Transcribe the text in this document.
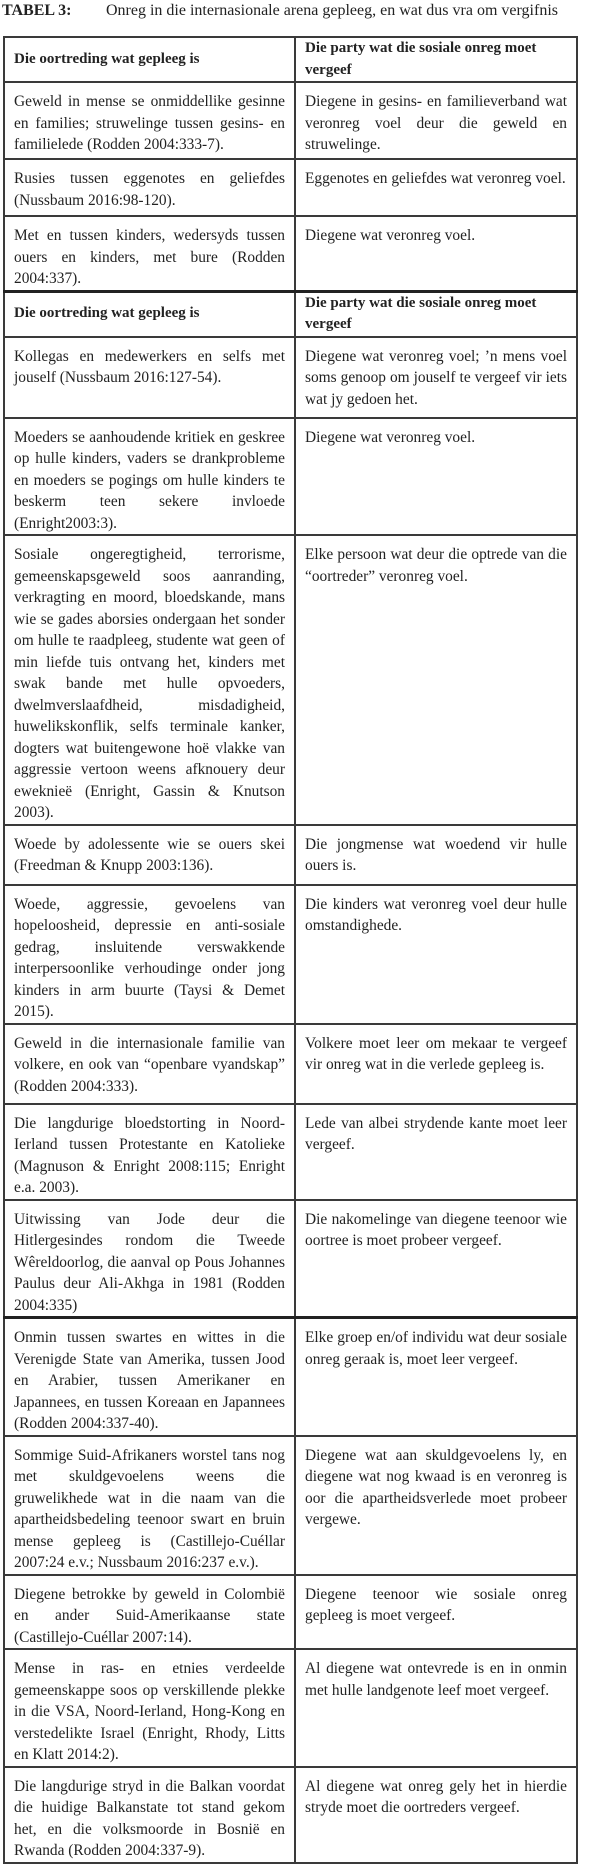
TABEL 3: Onreg in die internasionale arena gepleeg, en wat dus vra om vergifnis
Die oortreding wat gepleeg is	Die party wat die sosiale onreg moet vergeef
Geweld in mense se onmiddellike gesinne en families; struwelinge tussen gesins- en familielede (Rodden 2004:333-7).	Diegene in gesins- en familieverband wat veronreg voel deur die geweld en struwelinge.
Rusies tussen eggenotes en geliefdes (Nussbaum 2016:98-120).	Eggenotes en geliefdes wat veronreg voel.
Met en tussen kinders, wedersyds tussen ouers en kinders, met bure (Rodden 2004:337).	Diegene wat veronreg voel.
Die oortreding wat gepleeg is	Die party wat die sosiale onreg moet vergeef
Kollegas en medewerkers en selfs met jouself (Nussbaum 2016:127-54).	Diegene wat veronreg voel; ’n mens voel soms genoop om jouself te vergeef vir iets wat jy gedoen het.
Moeders se aanhoudende kritiek en geskree op hulle kinders, vaders se drankprobleme en moeders se pogings om hulle kinders te beskerm teen sekere invloede (Enright2003:3).	Diegene wat veronreg voel.
Sosiale ongeregtigheid, terrorisme, gemeenskapsgeweld soos aanranding, verkragting en moord, bloedskande, mans wie se gades aborsies ondergaan het sonder om hulle te raadpleeg, studente wat geen of min liefde tuis ontvang het, kinders met swak bande met hulle opvoeders, dwelmverslaafdheid, misdadigheid, huwelikskonflik, selfs terminale kanker, dogters wat buitengewone hoë vlakke van aggressie vertoon weens afknouery deur eweknieë (Enright, Gassin & Knutson 2003).	Elke persoon wat deur die optrede van die “oortreder” veronreg voel.
Woede by adolessente wie se ouers skei (Freedman & Knupp 2003:136).	Die jongmense wat woedend vir hulle ouers is.
Woede, aggressie, gevoelens van hopeloosheid, depressie en anti-sosiale gedrag, insluitende verswakkende interpersoonlike verhoudinge onder jong kinders in arm buurte (Taysi & Demet 2015).	Die kinders wat veronreg voel deur hulle omstandighede.
Geweld in die internasionale familie van volkere, en ook van “openbare vyandskap” (Rodden 2004:333).	Volkere moet leer om mekaar te vergeef vir onreg wat in die verlede gepleeg is.
Die langdurige bloedstorting in Noord-Ierland tussen Protestante en Katolieke (Magnuson & Enright 2008:115; Enright e.a. 2003).	Lede van albei strydende kante moet leer vergeef.
Uitwissing van Jode deur die Hitlergesindes rondom die Tweede Wêreldoorlog, die aanval op Pous Johannes Paulus deur Ali-Akhga in 1981 (Rodden 2004:335)	Die nakomelinge van diegene teenoor wie oortree is moet probeer vergeef.
Onmin tussen swartes en wittes in die Verenigde State van Amerika, tussen Jood en Arabier, tussen Amerikaner en Japannees, en tussen Koreaan en Japannees (Rodden 2004:337-40).	Elke groep en/of individu wat deur sosiale onreg geraak is, moet leer vergeef.
Sommige Suid-Afrikaners worstel tans nog met skuldgevoelens weens die gruwelikhede wat in die naam van die apartheidsbedeling teenoor swart en bruin mense gepleeg is (Castillejo-Cuéllar 2007:24 e.v.; Nussbaum 2016:237 e.v.).	Diegene wat aan skuldgevoelens ly, en diegene wat nog kwaad is en veronreg is oor die apartheidsverlede moet probeer vergewe.
Diegene betrokke by geweld in Colombië en ander Suid-Amerikaanse state (Castillejo-Cuéllar 2007:14).	Diegene teenoor wie sosiale onreg gepleeg is moet vergeef.
Mense in ras- en etnies verdeelde gemeenskappe soos op verskillende plekke in die VSA, Noord-Ierland, Hong-Kong en verstedelikte Israel (Enright, Rhody, Litts en Klatt 2014:2).	Al diegene wat ontevrede is en in onmin met hulle landgenote leef moet vergeef.
Die langdurige stryd in die Balkan voordat die huidige Balkanstate tot stand gekom het, en die volksmoorde in Bosnië en Rwanda (Rodden 2004:337-9).	Al diegene wat onreg gely het in hierdie stryde moet die oortreders vergeef.
